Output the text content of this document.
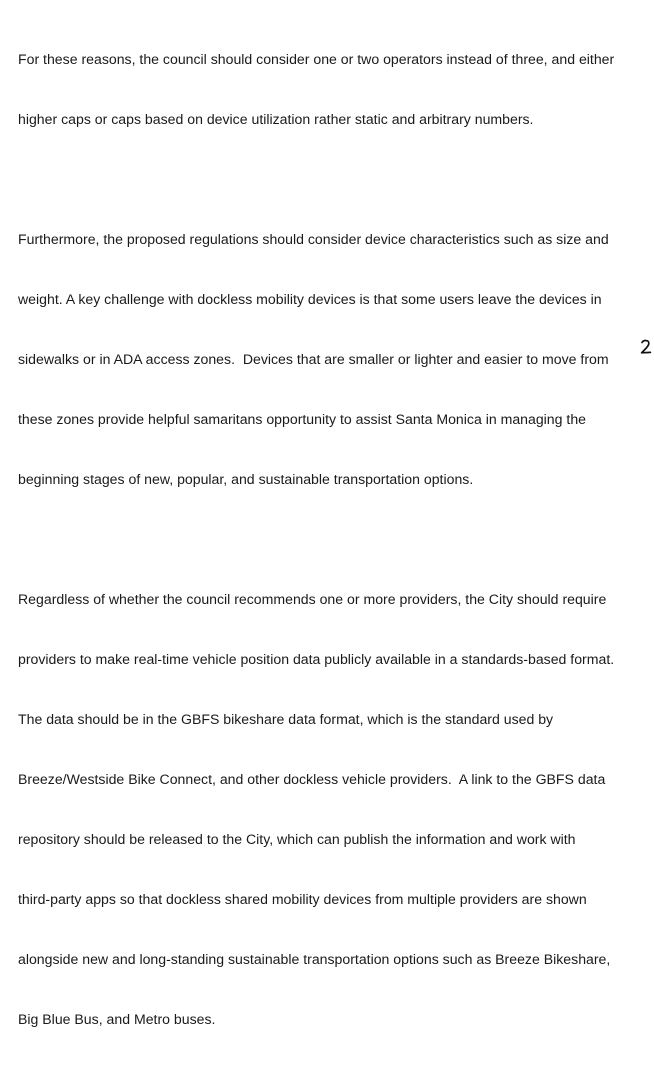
For these reasons, the council should consider one or two operators instead of three, and either

higher caps or caps based on device utilization rather static and arbitrary numbers.

Furthermore, the proposed regulations should consider device characteristics such as size and

weight. A key challenge with dockless mobility devices is that some users leave the devices in

sidewalks or in ADA access zones.  Devices that are smaller or lighter and easier to move from

these zones provide helpful samaritans opportunity to assist Santa Monica in managing the

beginning stages of new, popular, and sustainable transportation options.

Regardless of whether the council recommends one or more providers, the City should require

providers to make real-time vehicle position data publicly available in a standards-based format.

The data should be in the GBFS bikeshare data format, which is the standard used by

Breeze/Westside Bike Connect, and other dockless vehicle providers.  A link to the GBFS data

repository should be released to the City, which can publish the information and work with

third-party apps so that dockless shared mobility devices from multiple providers are shown

alongside new and long-standing sustainable transportation options such as Breeze Bikeshare,

Big Blue Bus, and Metro buses.
